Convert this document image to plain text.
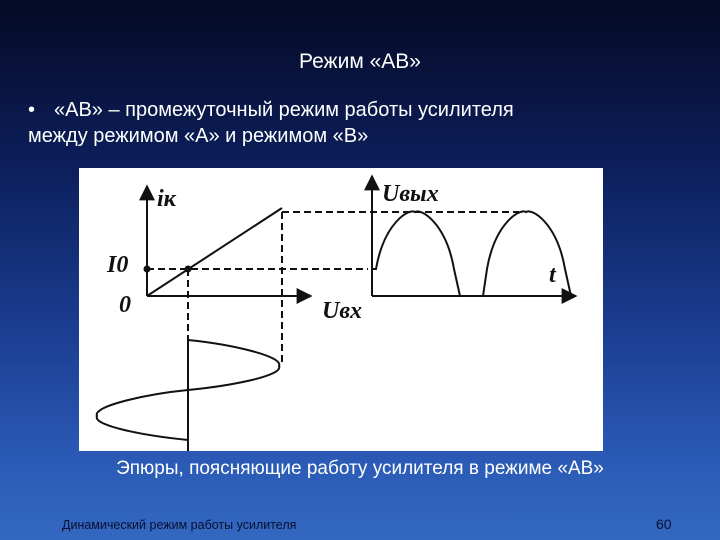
Режим «АВ»
• «АВ» – промежуточный режим работы усилителя
между режимом «А» и режимом «В»
iк
I0
0	Uвх
Uвых
t
Эпюры, поясняющие работу усилителя в режиме «АВ»
Динамический режим работы усилителя	60
